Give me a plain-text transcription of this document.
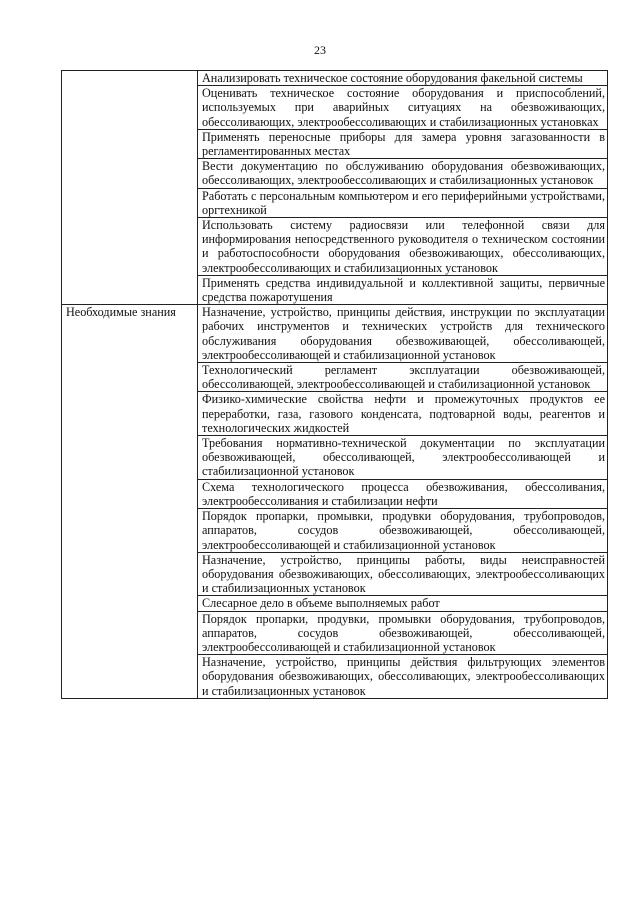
23
	Анализировать техническое состояние оборудования факельной системы
	Оценивать техническое состояние оборудования и приспособлений, используемых при аварийных ситуациях на обезвоживающих, обессоливающих, электрообессоливающих и стабилизационных установках
	Применять переносные приборы для замера уровня загазованности в регламентированных местах
	Вести документацию по обслуживанию оборудования обезвоживающих, обессоливающих, электрообессоливающих и стабилизационных установок
	Работать с персональным компьютером и его периферийными устройствами, оргтехникой
	Использовать систему радиосвязи или телефонной связи для информирования непосредственного руководителя о техническом состоянии и работоспособности оборудования обезвоживающих, обессоливающих, электрообессоливающих и стабилизационных установок
	Применять средства индивидуальной и коллективной защиты, первичные средства пожаротушения
Необходимые знания	Назначение, устройство, принципы действия, инструкции по эксплуатации рабочих инструментов и технических устройств для технического обслуживания оборудования обезвоживающей, обессоливающей, электрообессоливающей и стабилизационной установок
	Технологический регламент эксплуатации обезвоживающей, обессоливающей, электрообессоливающей и стабилизационной установок
	Физико-химические свойства нефти и промежуточных продуктов ее переработки, газа, газового конденсата, подтоварной воды, реагентов и технологических жидкостей
	Требования нормативно-технической документации по эксплуатации обезвоживающей, обессоливающей, электрообессоливающей и стабилизационной установок
	Схема технологического процесса обезвоживания, обессоливания, электрообессоливания и стабилизации нефти
	Порядок пропарки, промывки, продувки оборудования, трубопроводов, аппаратов, сосудов обезвоживающей, обессоливающей, электрообессоливающей и стабилизационной установок
	Назначение, устройство, принципы работы, виды неисправностей оборудования обезвоживающих, обессоливающих, электрообессоливающих и стабилизационных установок
	Слесарное дело в объеме выполняемых работ
	Порядок пропарки, продувки, промывки оборудования, трубопроводов, аппаратов, сосудов обезвоживающей, обессоливающей, электрообессоливающей и стабилизационной установок
	Назначение, устройство, принципы действия фильтрующих элементов оборудования обезвоживающих, обессоливающих, электрообессоливающих и стабилизационных установок
